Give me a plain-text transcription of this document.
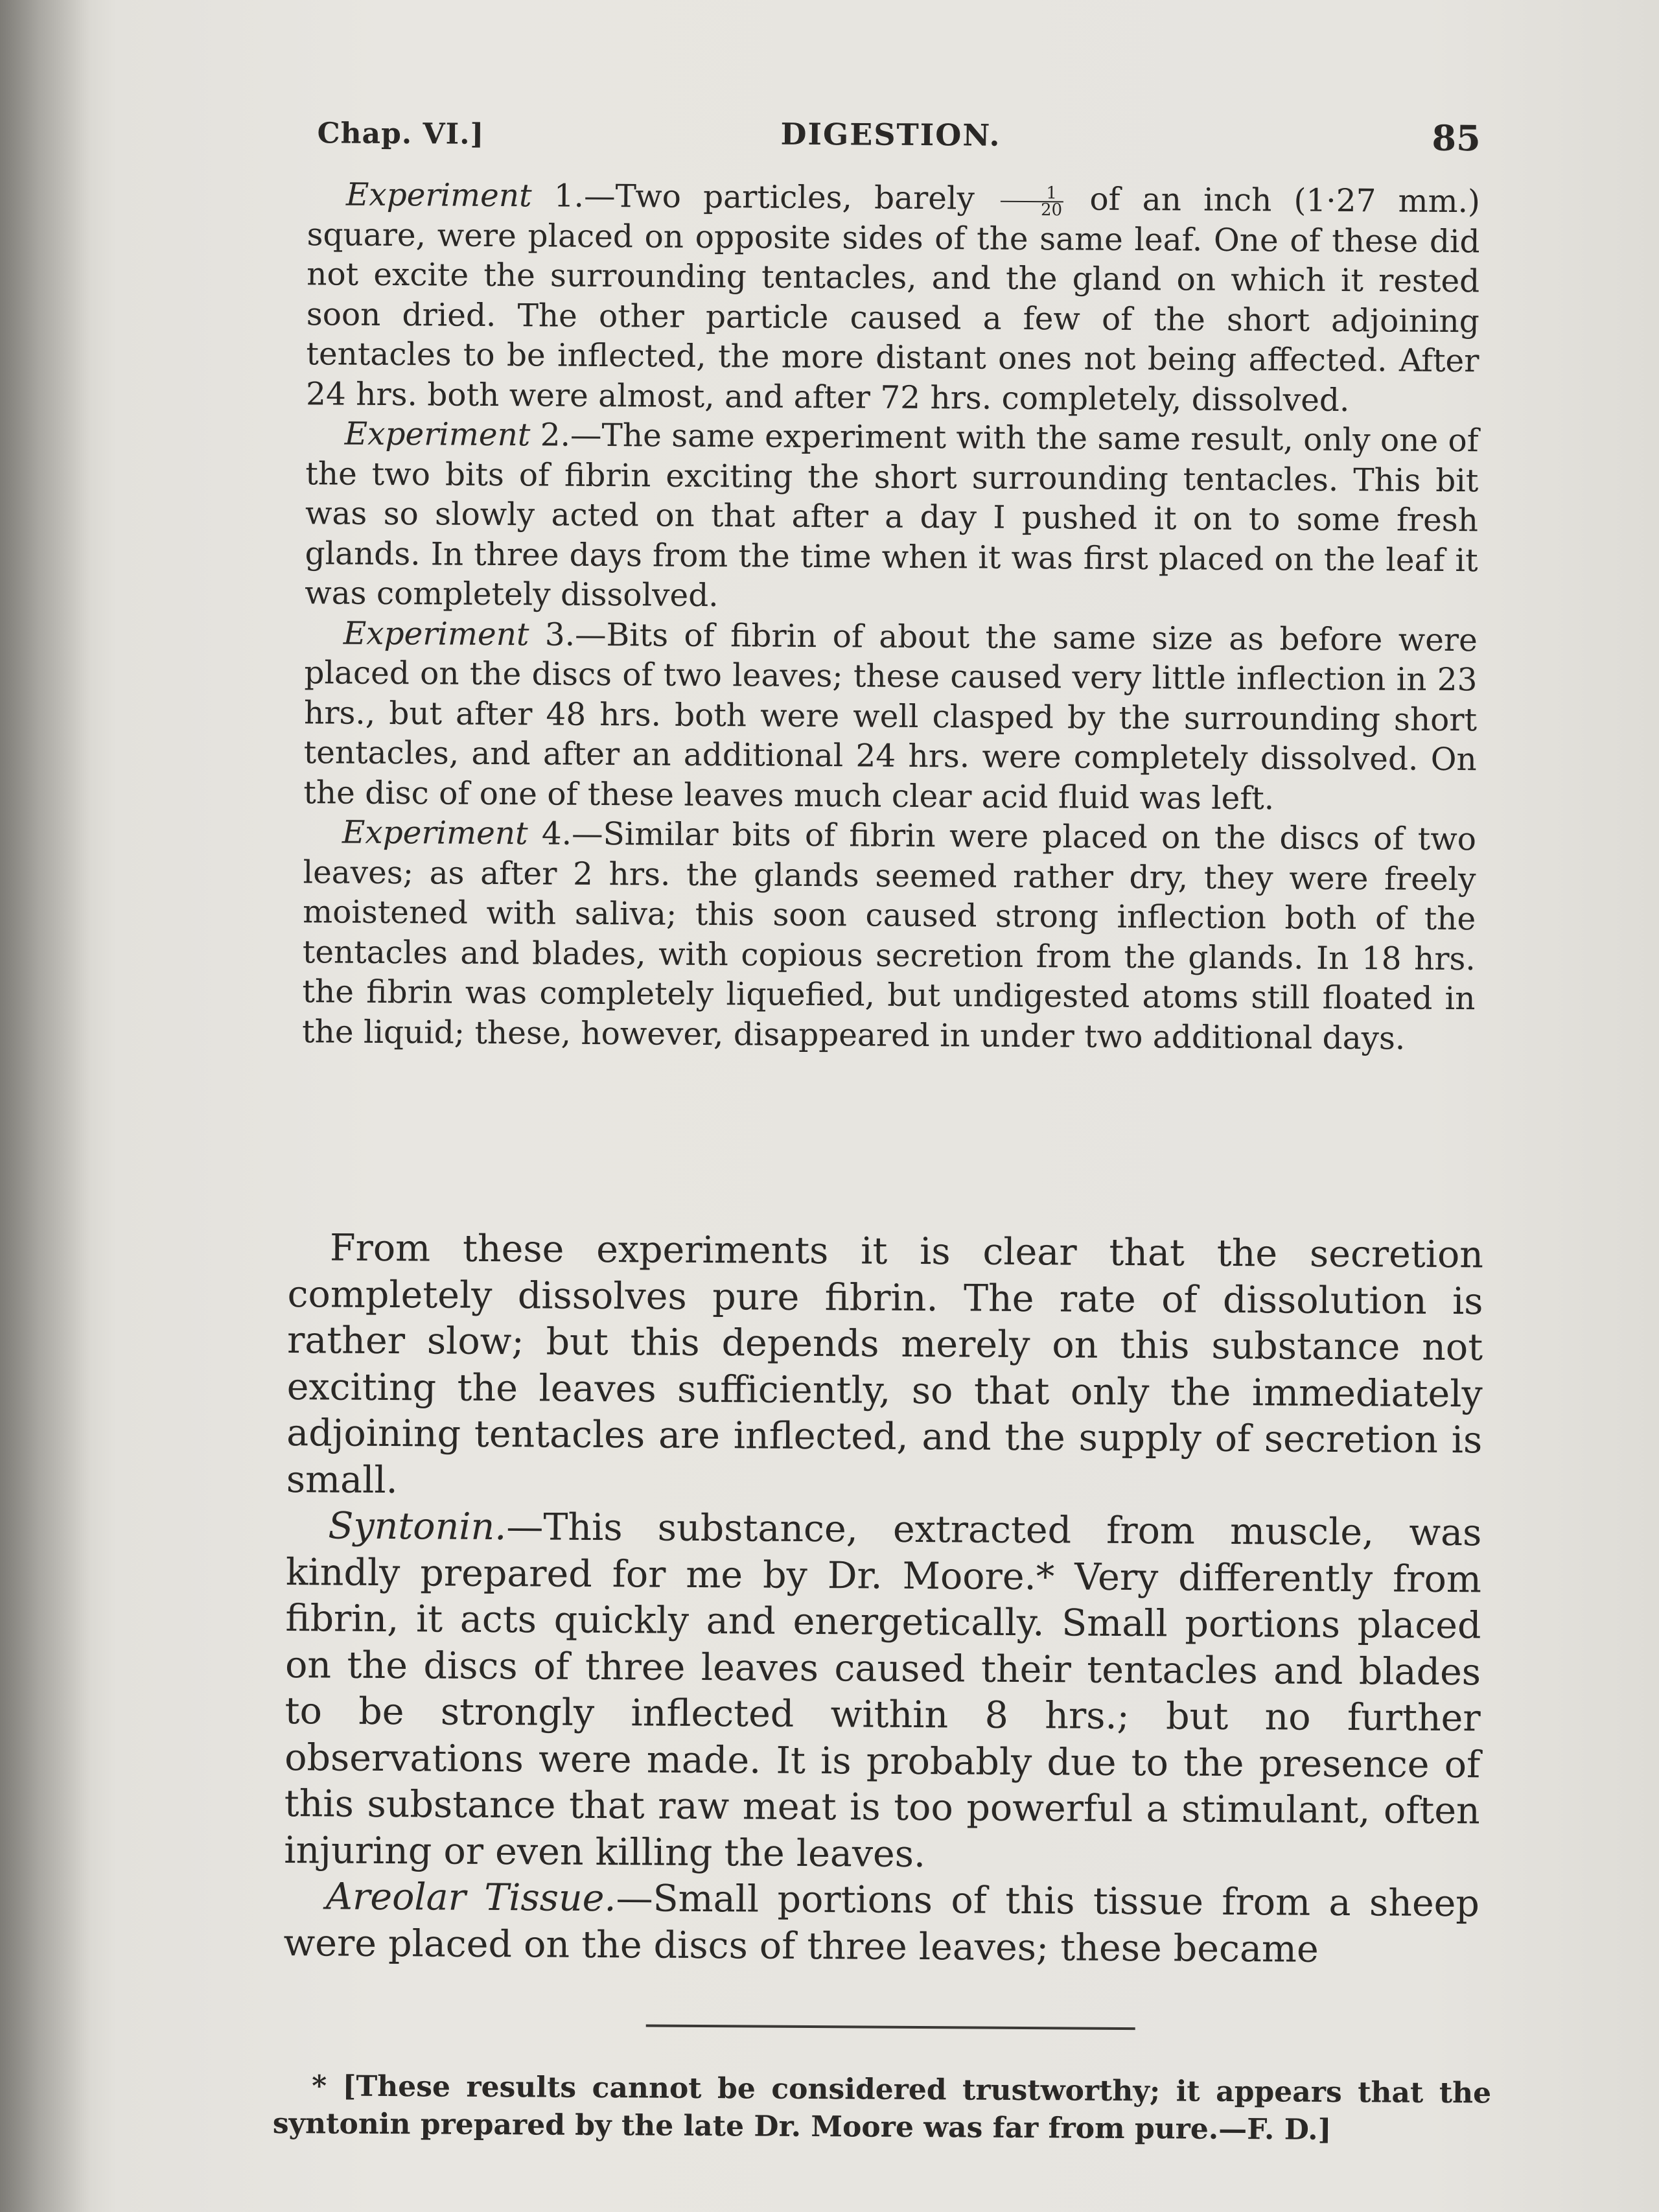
Chap. VI.]	DIGESTION.	85

Experiment 1.—Two particles, barely $\frac{1}{20}$ of an inch (1·27 mm.) square, were placed on opposite sides of the same leaf. One of these did not excite the surrounding tentacles, and the gland on which it rested soon dried. The other particle caused a few of the short adjoining tentacles to be inflected, the more distant ones not being affected. After 24 hrs. both were almost, and after 72 hrs. completely, dissolved.

Experiment 2.—The same experiment with the same result, only one of the two bits of fibrin exciting the short surrounding tentacles. This bit was so slowly acted on that after a day I pushed it on to some fresh glands. In three days from the time when it was first placed on the leaf it was completely dissolved.

Experiment 3.—Bits of fibrin of about the same size as before were placed on the discs of two leaves; these caused very little inflection in 23 hrs., but after 48 hrs. both were well clasped by the surrounding short tentacles, and after an additional 24 hrs. were completely dissolved. On the disc of one of these leaves much clear acid fluid was left.

Experiment 4.—Similar bits of fibrin were placed on the discs of two leaves; as after 2 hrs. the glands seemed rather dry, they were freely moistened with saliva; this soon caused strong inflection both of the tentacles and blades, with copious secretion from the glands. In 18 hrs. the fibrin was completely liquefied, but undigested atoms still floated in the liquid; these, however, disappeared in under two additional days.

From these experiments it is clear that the secretion completely dissolves pure fibrin. The rate of dissolution is rather slow; but this depends merely on this substance not exciting the leaves sufficiently, so that only the immediately adjoining tentacles are inflected, and the supply of secretion is small.

Syntonin.—This substance, extracted from muscle, was kindly prepared for me by Dr. Moore.* Very differently from fibrin, it acts quickly and energetically. Small portions placed on the discs of three leaves caused their tentacles and blades to be strongly inflected within 8 hrs.; but no further observations were made. It is probably due to the presence of this substance that raw meat is too powerful a stimulant, often injuring or even killing the leaves.

Areolar Tissue.—Small portions of this tissue from a sheep were placed on the discs of three leaves; these became

* [These results cannot be considered trustworthy; it appears that the syntonin prepared by the late Dr. Moore was far from pure.—F. D.]
